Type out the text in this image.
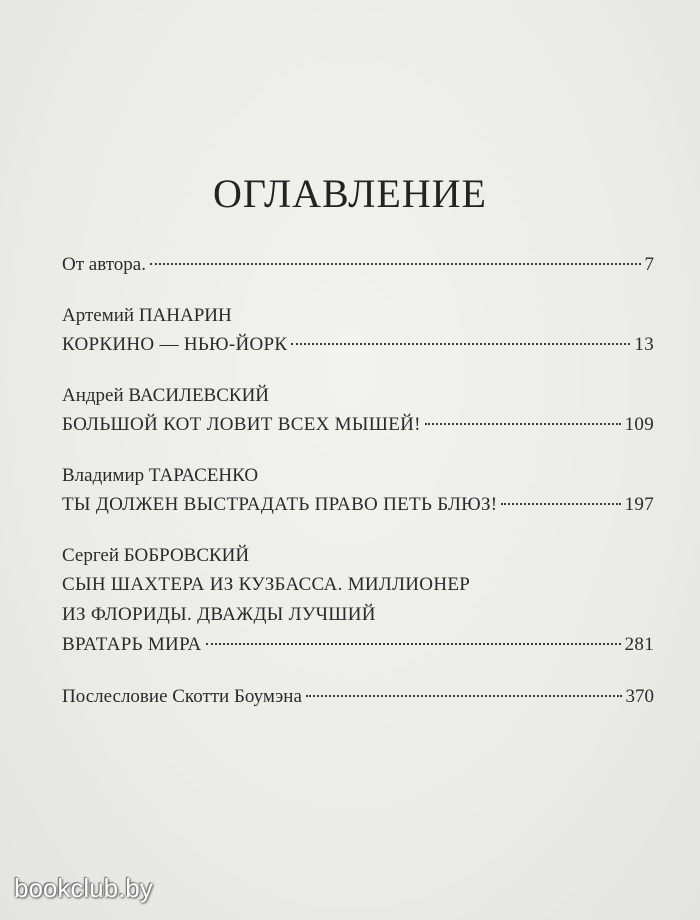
ОГЛАВЛЕНИЕ
От автора.	7
Артемий ПАНАРИН
КОРКИНО — НЬЮ-ЙОРК	13
Андрей ВАСИЛЕВСКИЙ
БОЛЬШОЙ КОТ ЛОВИТ ВСЕХ МЫШЕЙ!	109
Владимир ТАРАСЕНКО
ТЫ ДОЛЖЕН ВЫСТРАДАТЬ ПРАВО ПЕТЬ БЛЮЗ!	197
Сергей БОБРОВСКИЙ
СЫН ШАХТЕРА ИЗ КУЗБАССА. МИЛЛИОНЕР
ИЗ ФЛОРИДЫ. ДВАЖДЫ ЛУЧШИЙ
ВРАТАРЬ МИРА	281
Послесловие Скотти Боумэна	370
bookclub.by
